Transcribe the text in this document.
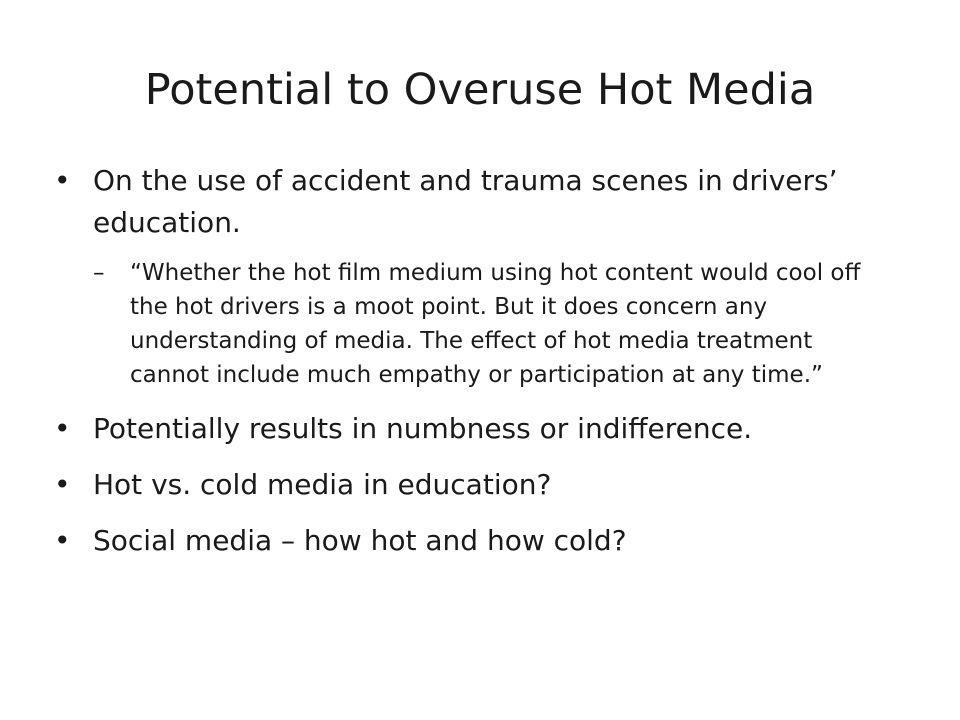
Potential to Overuse Hot Media
• On the use of accident and trauma scenes in drivers’ education.
– “Whether the hot film medium using hot content would cool off the hot drivers is a moot point. But it does concern any understanding of media. The effect of hot media treatment cannot include much empathy or participation at any time.”
• Potentially results in numbness or indifference.
• Hot vs. cold media in education?
• Social media – how hot and how cold?
